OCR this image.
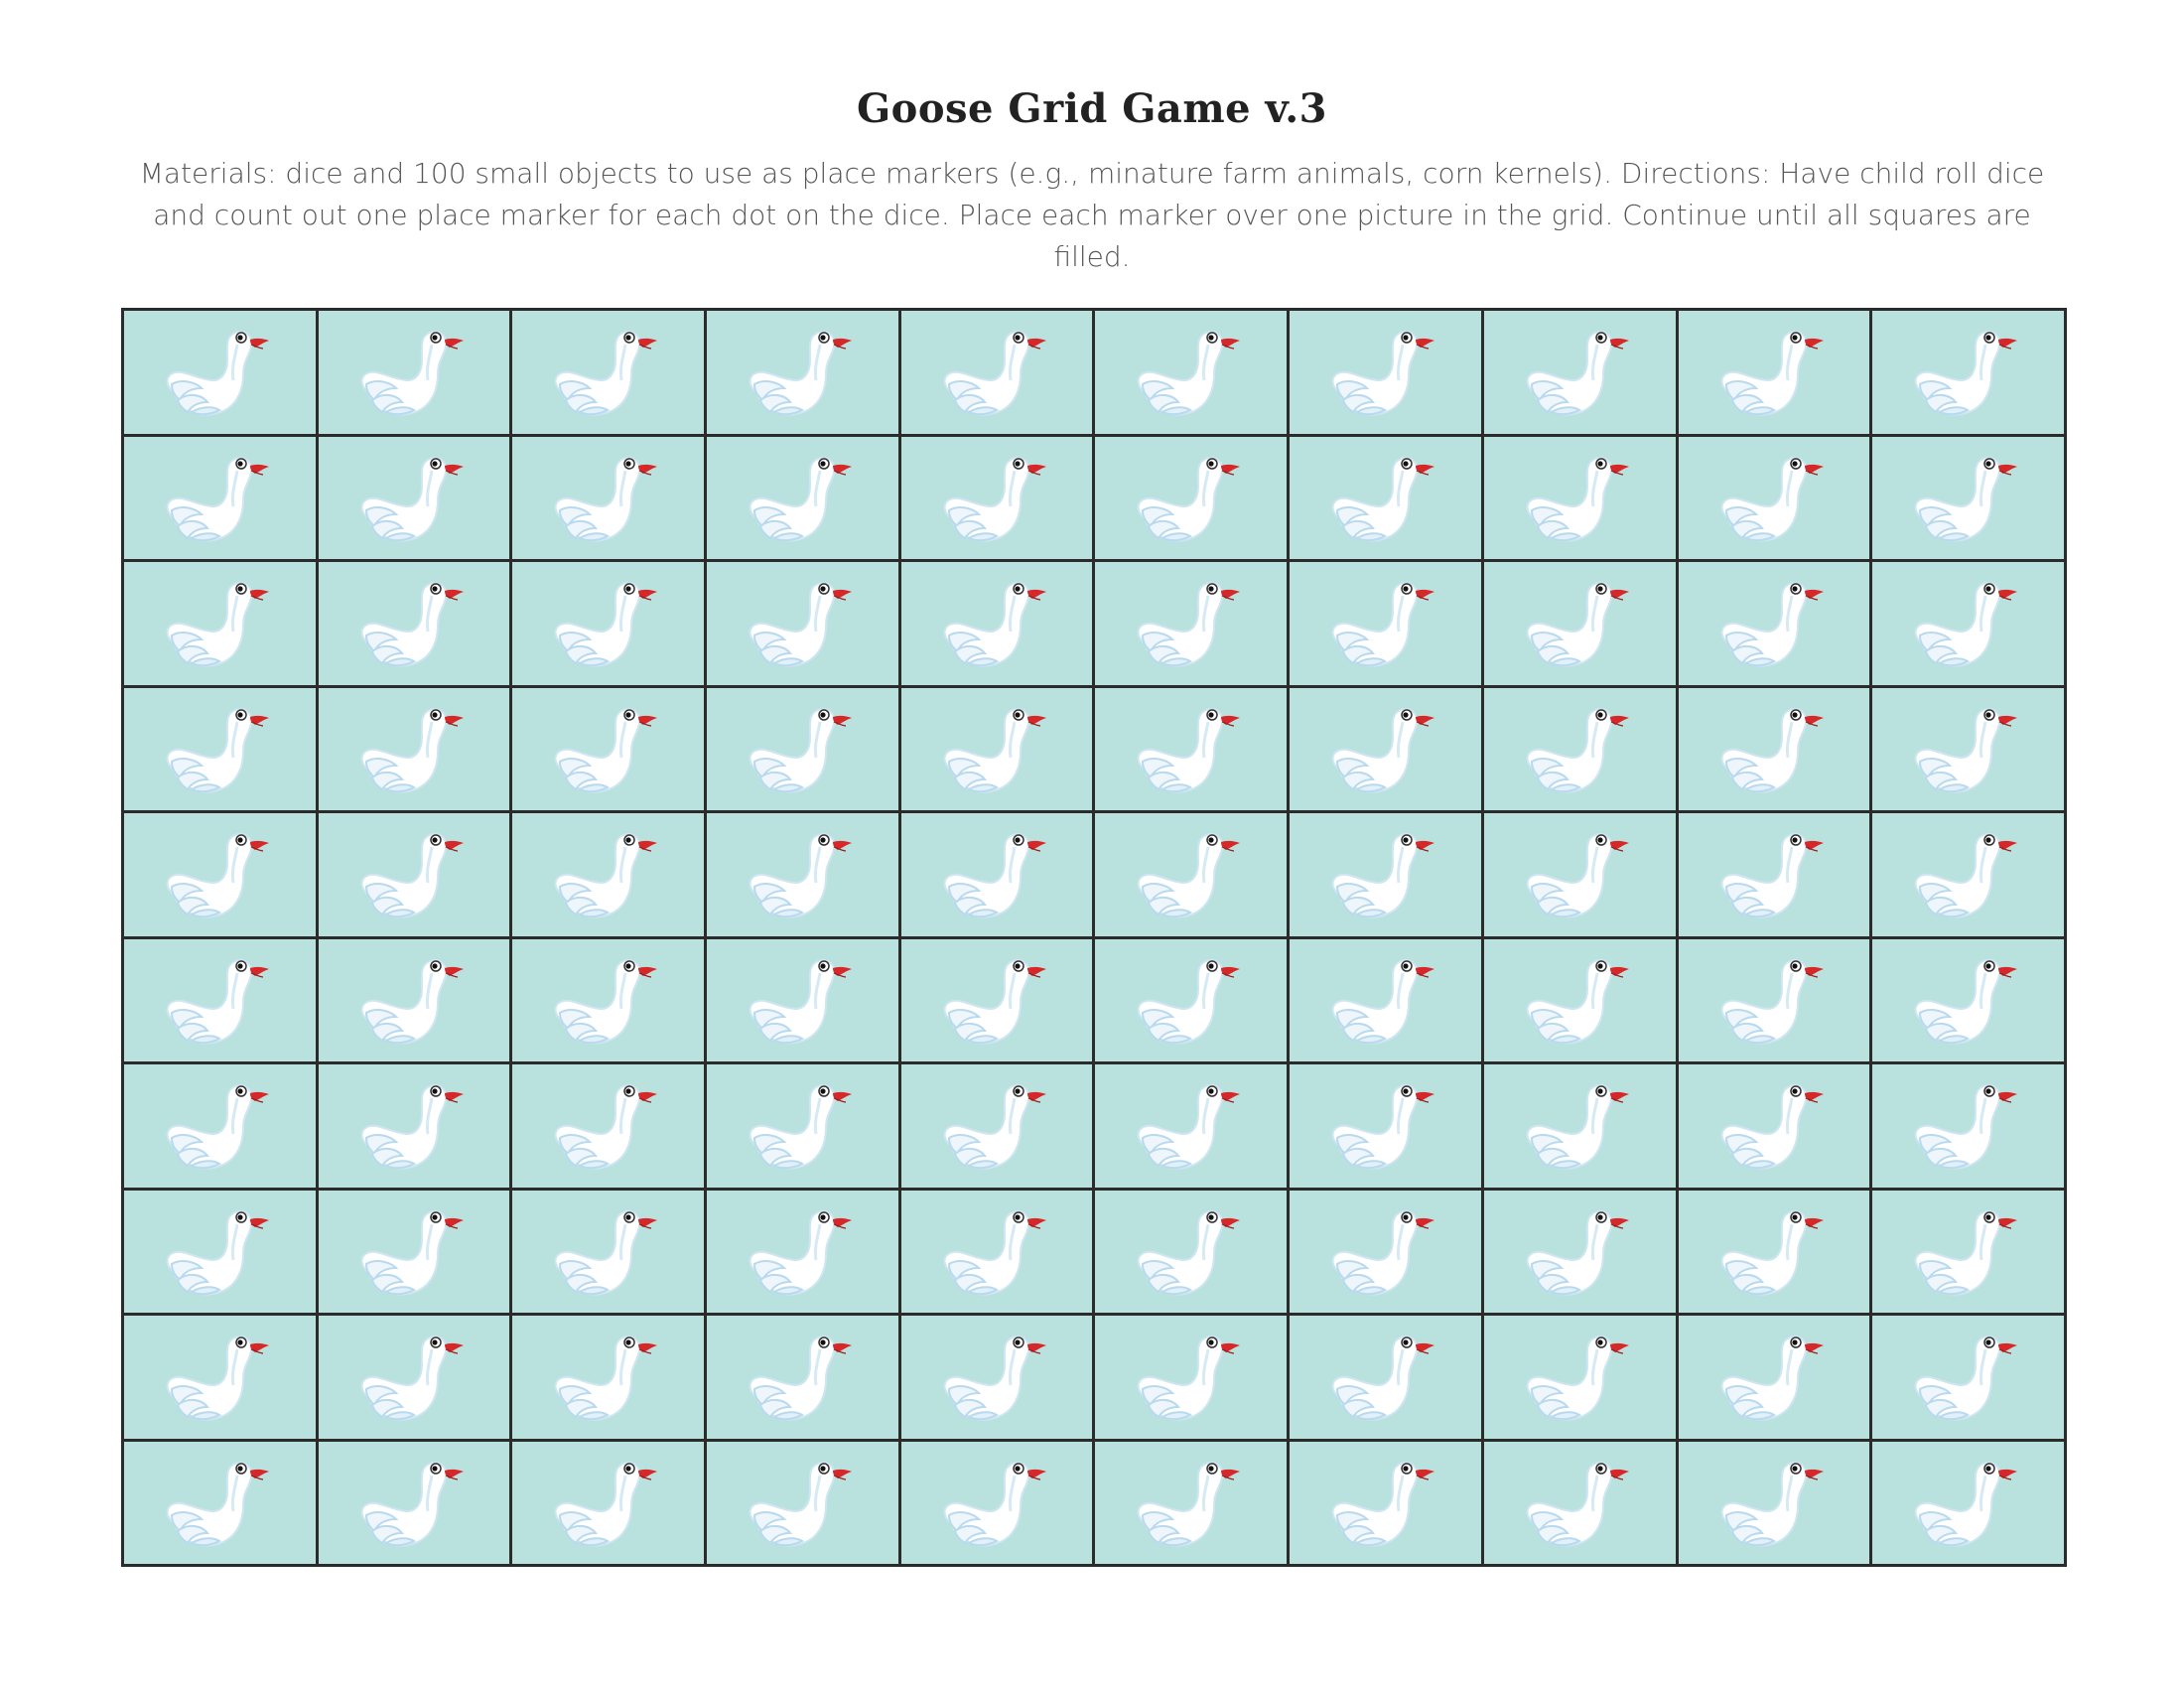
Goose Grid Game v.3

Materials: dice and 100 small objects to use as place markers (e.g., minature farm animals, corn kernels). Directions: Have child roll dice and count out one place marker for each dot on the dice. Place each marker over one picture in the grid. Continue until all squares are filled.
